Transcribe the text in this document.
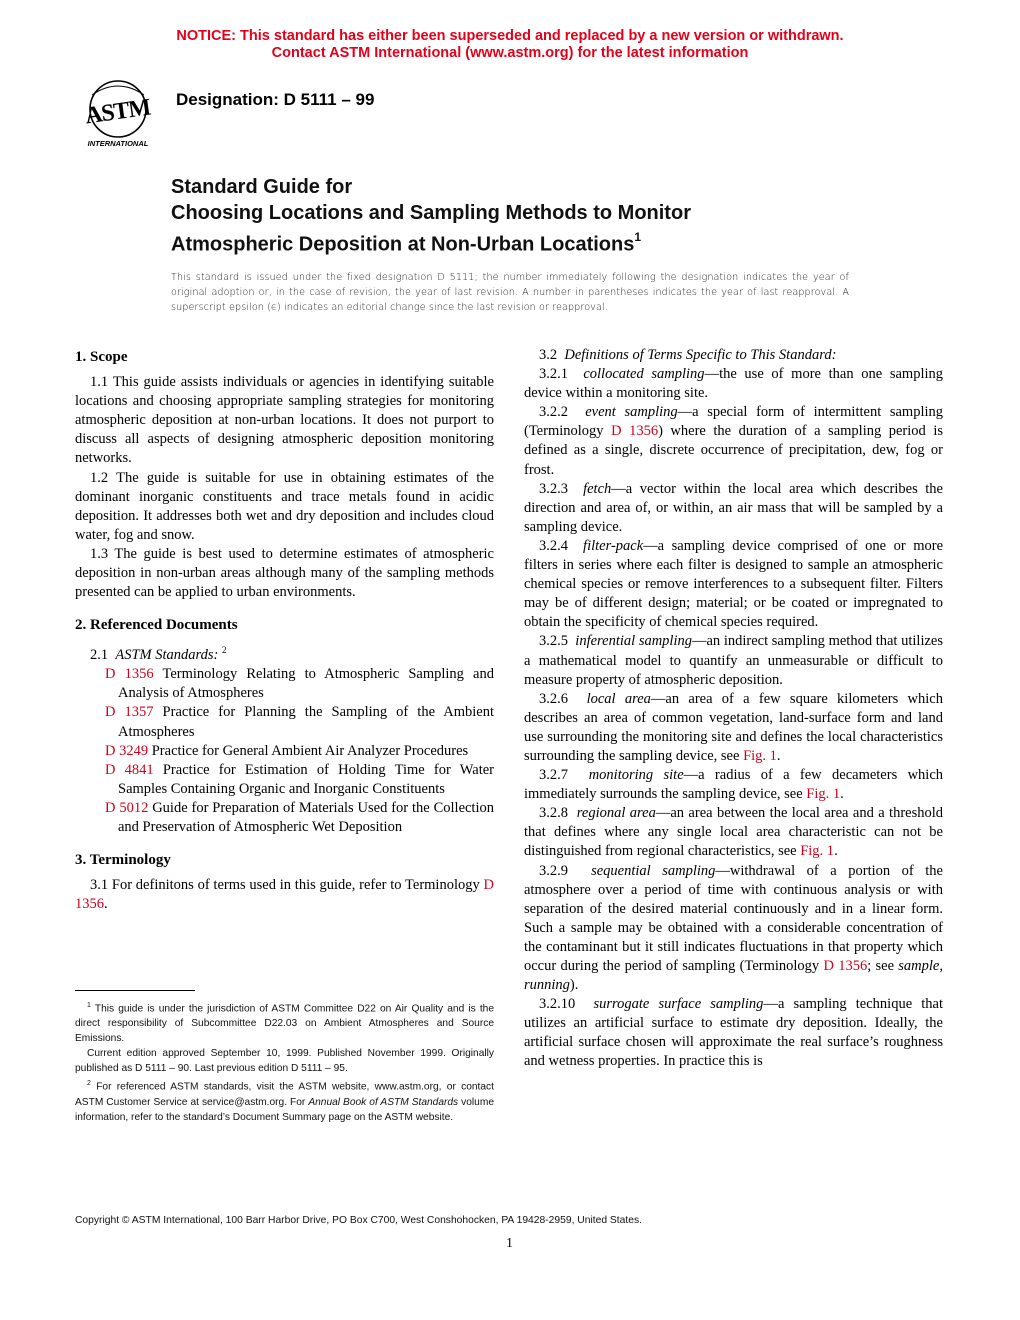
NOTICE: This standard has either been superseded and replaced by a new version or withdrawn.
Contact ASTM International (www.astm.org) for the latest information
ASTM
INTERNATIONAL
Designation: D 5111 – 99
Standard Guide for
Choosing Locations and Sampling Methods to Monitor
Atmospheric Deposition at Non-Urban Locations$^1$
This standard is issued under the fixed designation D 5111; the number immediately following the designation indicates the year of original adoption or, in the case of revision, the year of last revision. A number in parentheses indicates the year of last reapproval. A superscript epsilon (ϵ) indicates an editorial change since the last revision or reapproval.
1. Scope

1.1 This guide assists individuals or agencies in identifying suitable locations and choosing appropriate sampling strategies for monitoring atmospheric deposition at non-urban locations. It does not purport to discuss all aspects of designing atmospheric deposition monitoring networks.

1.2 The guide is suitable for use in obtaining estimates of the dominant inorganic constituents and trace metals found in acidic deposition. It addresses both wet and dry deposition and includes cloud water, fog and snow.

1.3 The guide is best used to determine estimates of atmospheric deposition in non-urban areas although many of the sampling methods presented can be applied to urban environments.

2. Referenced Documents

2.1 ASTM Standards: $^2$

D 1356 Terminology Relating to Atmospheric Sampling and Analysis of Atmospheres
D 1357 Practice for Planning the Sampling of the Ambient Atmospheres
D 3249 Practice for General Ambient Air Analyzer Procedures
D 4841 Practice for Estimation of Holding Time for Water Samples Containing Organic and Inorganic Constituents
D 5012 Guide for Preparation of Materials Used for the Collection and Preservation of Atmospheric Wet Deposition
3. Terminology

3.1 For definitons of terms used in this guide, refer to Terminology D 1356.

3.2 Definitions of Terms Specific to This Standard:

3.2.1 collocated sampling—the use of more than one sampling device within a monitoring site.

3.2.2 event sampling—a special form of intermittent sampling (Terminology D 1356) where the duration of a sampling period is defined as a single, discrete occurrence of precipitation, dew, fog or frost.

3.2.3 fetch—a vector within the local area which describes the direction and area of, or within, an air mass that will be sampled by a sampling device.

3.2.4 filter-pack—a sampling device comprised of one or more filters in series where each filter is designed to sample an atmospheric chemical species or remove interferences to a subsequent filter. Filters may be of different design; material; or be coated or impregnated to obtain the specificity of chemical species required.

3.2.5 inferential sampling—an indirect sampling method that utilizes a mathematical model to quantify an unmeasurable or difficult to measure property of atmospheric deposition.

3.2.6 local area—an area of a few square kilometers which describes an area of common vegetation, land-surface form and land use surrounding the monitoring site and defines the local characteristics surrounding the sampling device, see Fig. 1.

3.2.7 monitoring site—a radius of a few decameters which immediately surrounds the sampling device, see Fig. 1.

3.2.8 regional area—an area between the local area and a threshold that defines where any single local area characteristic can not be distinguished from regional characteristics, see Fig. 1.

3.2.9 sequential sampling—withdrawal of a portion of the atmosphere over a period of time with continuous analysis or with separation of the desired material continuously and in a linear form. Such a sample may be obtained with a considerable concentration of the contaminant but it still indicates fluctuations in that property which occur during the period of sampling (Terminology D 1356; see sample, running).

3.2.10 surrogate surface sampling—a sampling technique that utilizes an artificial surface to estimate dry deposition. Ideally, the artificial surface chosen will approximate the real surface’s roughness and wetness properties. In practice this is

$^1$ This guide is under the jurisdiction of ASTM Committee D22 on Air Quality and is the direct responsibility of Subcommittee D22.03 on Ambient Atmospheres and Source Emissions.

Current edition approved September 10, 1999. Published November 1999. Originally published as D 5111 – 90. Last previous edition D 5111 – 95.

$^2$ For referenced ASTM standards, visit the ASTM website, www.astm.org, or contact ASTM Customer Service at service@astm.org. For Annual Book of ASTM Standards volume information, refer to the standard’s Document Summary page on the ASTM website.

Copyright © ASTM International, 100 Barr Harbor Drive, PO Box C700, West Conshohocken, PA 19428-2959, United States.
1
